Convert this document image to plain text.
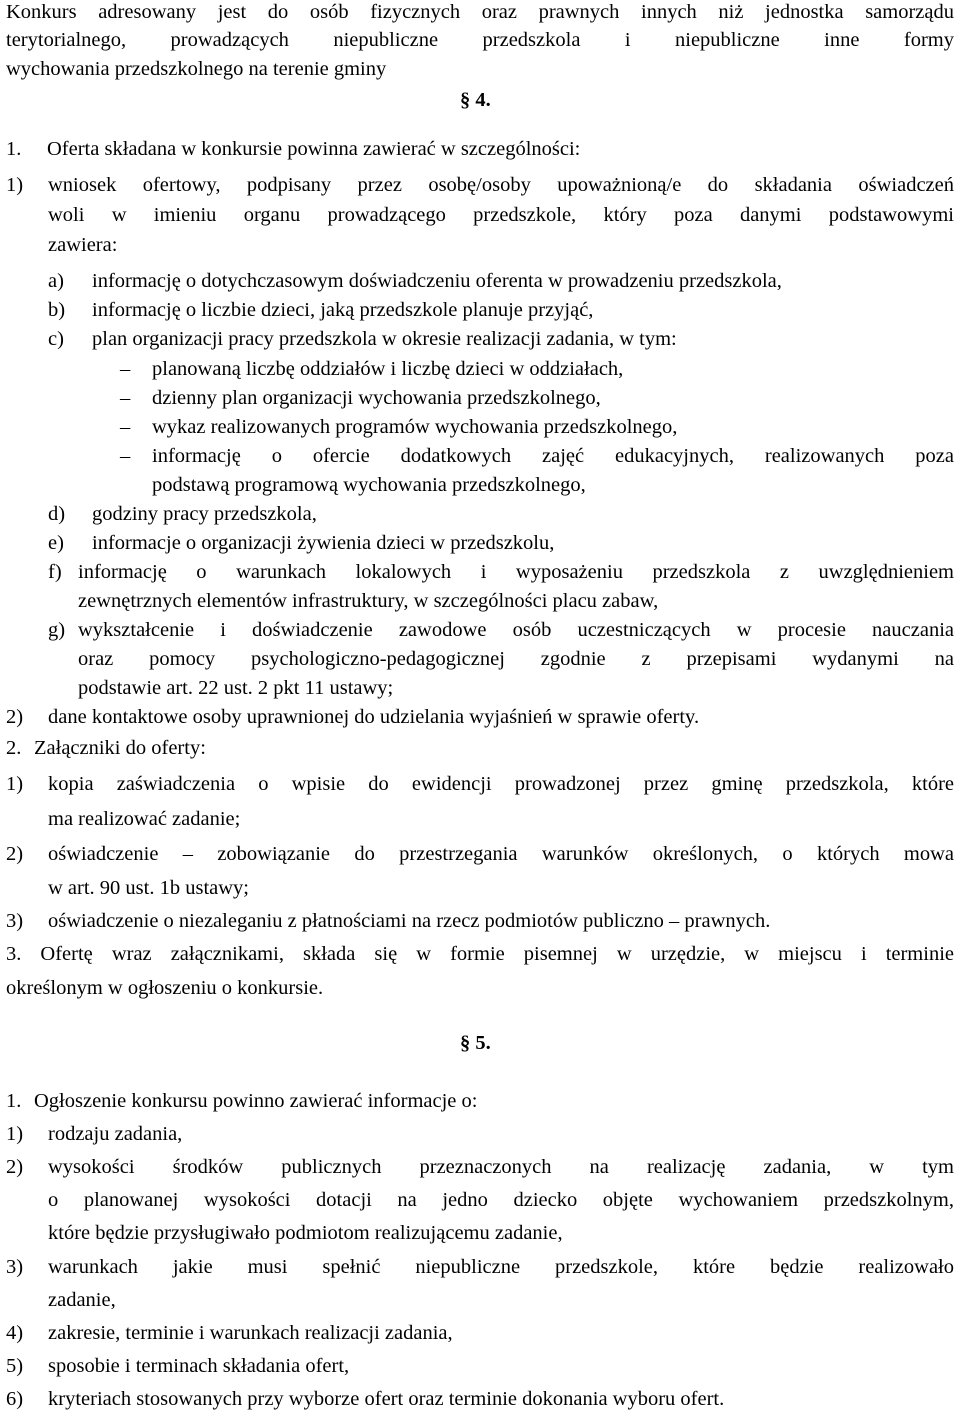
Konkurs adresowany jest do osób fizycznych oraz prawnych innych niż jednostka samorządu
terytorialnego, prowadzących niepubliczne przedszkola i niepubliczne inne formy
wychowania przedszkolnego na terenie gminy
§ 4.
1. Oferta składana w konkursie powinna zawierać w szczególności:
1) wniosek ofertowy, podpisany przez osobę/osoby upoważnioną/e do składania oświadczeń
woli w imieniu organu prowadzącego przedszkole, który poza danymi podstawowymi
zawiera:
a) informację o dotychczasowym doświadczeniu oferenta w prowadzeniu przedszkola,
b) informację o liczbie dzieci, jaką przedszkole planuje przyjąć,
c) plan organizacji pracy przedszkola w okresie realizacji zadania, w tym:
– planowaną liczbę oddziałów i liczbę dzieci w oddziałach,
– dzienny plan organizacji wychowania przedszkolnego,
– wykaz realizowanych programów wychowania przedszkolnego,
– informację o ofercie dodatkowych zajęć edukacyjnych, realizowanych poza
podstawą programową wychowania przedszkolnego,
d) godziny pracy przedszkola,
e) informacje o organizacji żywienia dzieci w przedszkolu,
f) informację o warunkach lokalowych i wyposażeniu przedszkola z uwzględnieniem
zewnętrznych elementów infrastruktury, w szczególności placu zabaw,
g) wykształcenie i doświadczenie zawodowe osób uczestniczących w procesie nauczania
oraz pomocy psychologiczno-pedagogicznej zgodnie z przepisami wydanymi na
podstawie art. 22 ust. 2 pkt 11 ustawy;
2) dane kontaktowe osoby uprawnionej do udzielania wyjaśnień w sprawie oferty.
2. Załączniki do oferty:
1) kopia zaświadczenia o wpisie do ewidencji prowadzonej przez gminę przedszkola, które
ma realizować zadanie;
2) oświadczenie – zobowiązanie do przestrzegania warunków określonych, o których mowa
w art. 90 ust. 1b ustawy;
3) oświadczenie o niezaleganiu z płatnościami na rzecz podmiotów publiczno – prawnych.
3. Ofertę wraz załącznikami, składa się w formie pisemnej w urzędzie, w miejscu i terminie
określonym w ogłoszeniu o konkursie.
§ 5.
1. Ogłoszenie konkursu powinno zawierać informacje o:
1) rodzaju zadania,
2) wysokości środków publicznych przeznaczonych na realizację zadania, w tym
o planowanej wysokości dotacji na jedno dziecko objęte wychowaniem przedszkolnym,
które będzie przysługiwało podmiotom realizującemu zadanie,
3) warunkach jakie musi spełnić niepubliczne przedszkole, które będzie realizowało
zadanie,
4) zakresie, terminie i warunkach realizacji zadania,
5) sposobie i terminach składania ofert,
6) kryteriach stosowanych przy wyborze ofert oraz terminie dokonania wyboru ofert.
